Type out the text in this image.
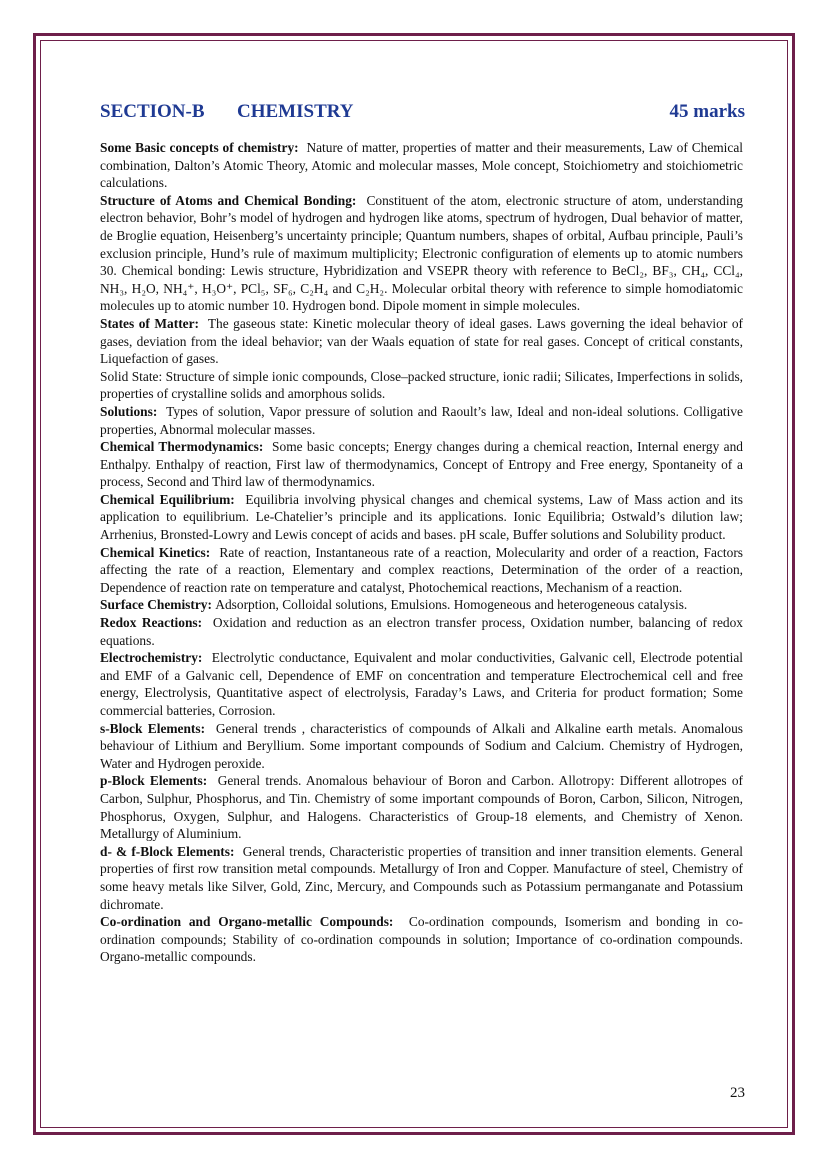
SECTION-B CHEMISTRY	45 marks

Some Basic concepts of chemistry: Nature of matter, properties of matter and their measurements, Law of Chemical combination, Dalton’s Atomic Theory, Atomic and molecular masses, Mole concept, Stoichiometry and stoichiometric calculations.

Structure of Atoms and Chemical Bonding: Constituent of the atom, electronic structure of atom, understanding electron behavior, Bohr’s model of hydrogen and hydrogen like atoms, spectrum of hydrogen, Dual behavior of matter, de Broglie equation, Heisenberg’s uncertainty principle; Quantum numbers, shapes of orbital, Aufbau principle, Pauli’s exclusion principle, Hund’s rule of maximum multiplicity; Electronic configuration of elements up to atomic numbers 30. Chemical bonding: Lewis structure, Hybridization and VSEPR theory with reference to BeCl₂, BF₃, CH₄, CCl₄, NH₃, H₂O, NH₄⁺, H₃O⁺, PCl₅, SF₆, C₂H₄ and C₂H₂. Molecular orbital theory with reference to simple homodiatomic molecules up to atomic number 10. Hydrogen bond. Dipole moment in simple molecules.

States of Matter: The gaseous state: Kinetic molecular theory of ideal gases. Laws governing the ideal behavior of gases, deviation from the ideal behavior; van der Waals equation of state for real gases. Concept of critical constants, Liquefaction of gases.

Solid State: Structure of simple ionic compounds, Close–packed structure, ionic radii; Silicates, Imperfections in solids, properties of crystalline solids and amorphous solids.

Solutions: Types of solution, Vapor pressure of solution and Raoult’s law, Ideal and non-ideal solutions. Colligative properties, Abnormal molecular masses.

Chemical Thermodynamics: Some basic concepts; Energy changes during a chemical reaction, Internal energy and Enthalpy. Enthalpy of reaction, First law of thermodynamics, Concept of Entropy and Free energy, Spontaneity of a process, Second and Third law of thermodynamics.

Chemical Equilibrium: Equilibria involving physical changes and chemical systems, Law of Mass action and its application to equilibrium. Le-Chatelier’s principle and its applications. Ionic Equilibria; Ostwald’s dilution law; Arrhenius, Bronsted-Lowry and Lewis concept of acids and bases. pH scale, Buffer solutions and Solubility product.

Chemical Kinetics: Rate of reaction, Instantaneous rate of a reaction, Molecularity and order of a reaction, Factors affecting the rate of a reaction, Elementary and complex reactions, Determination of the order of a reaction, Dependence of reaction rate on temperature and catalyst, Photochemical reactions, Mechanism of a reaction.

Surface Chemistry: Adsorption, Colloidal solutions, Emulsions. Homogeneous and heterogeneous catalysis.

Redox Reactions: Oxidation and reduction as an electron transfer process, Oxidation number, balancing of redox equations.

Electrochemistry: Electrolytic conductance, Equivalent and molar conductivities, Galvanic cell, Electrode potential and EMF of a Galvanic cell, Dependence of EMF on concentration and temperature Electrochemical cell and free energy, Electrolysis, Quantitative aspect of electrolysis, Faraday’s Laws, and Criteria for product formation; Some commercial batteries, Corrosion.

s-Block Elements: General trends , characteristics of compounds of Alkali and Alkaline earth metals. Anomalous behaviour of Lithium and Beryllium. Some important compounds of Sodium and Calcium. Chemistry of Hydrogen, Water and Hydrogen peroxide.

p-Block Elements: General trends. Anomalous behaviour of Boron and Carbon. Allotropy: Different allotropes of Carbon, Sulphur, Phosphorus, and Tin. Chemistry of some important compounds of Boron, Carbon, Silicon, Nitrogen, Phosphorus, Oxygen, Sulphur, and Halogens. Characteristics of Group-18 elements, and Chemistry of Xenon. Metallurgy of Aluminium.

d- & f-Block Elements: General trends, Characteristic properties of transition and inner transition elements. General properties of first row transition metal compounds. Metallurgy of Iron and Copper. Manufacture of steel, Chemistry of some heavy metals like Silver, Gold, Zinc, Mercury, and Compounds such as Potassium permanganate and Potassium dichromate.

Co-ordination and Organo-metallic Compounds: Co-ordination compounds, Isomerism and bonding in co-ordination compounds; Stability of co-ordination compounds in solution; Importance of co-ordination compounds. Organo-metallic compounds.

23
